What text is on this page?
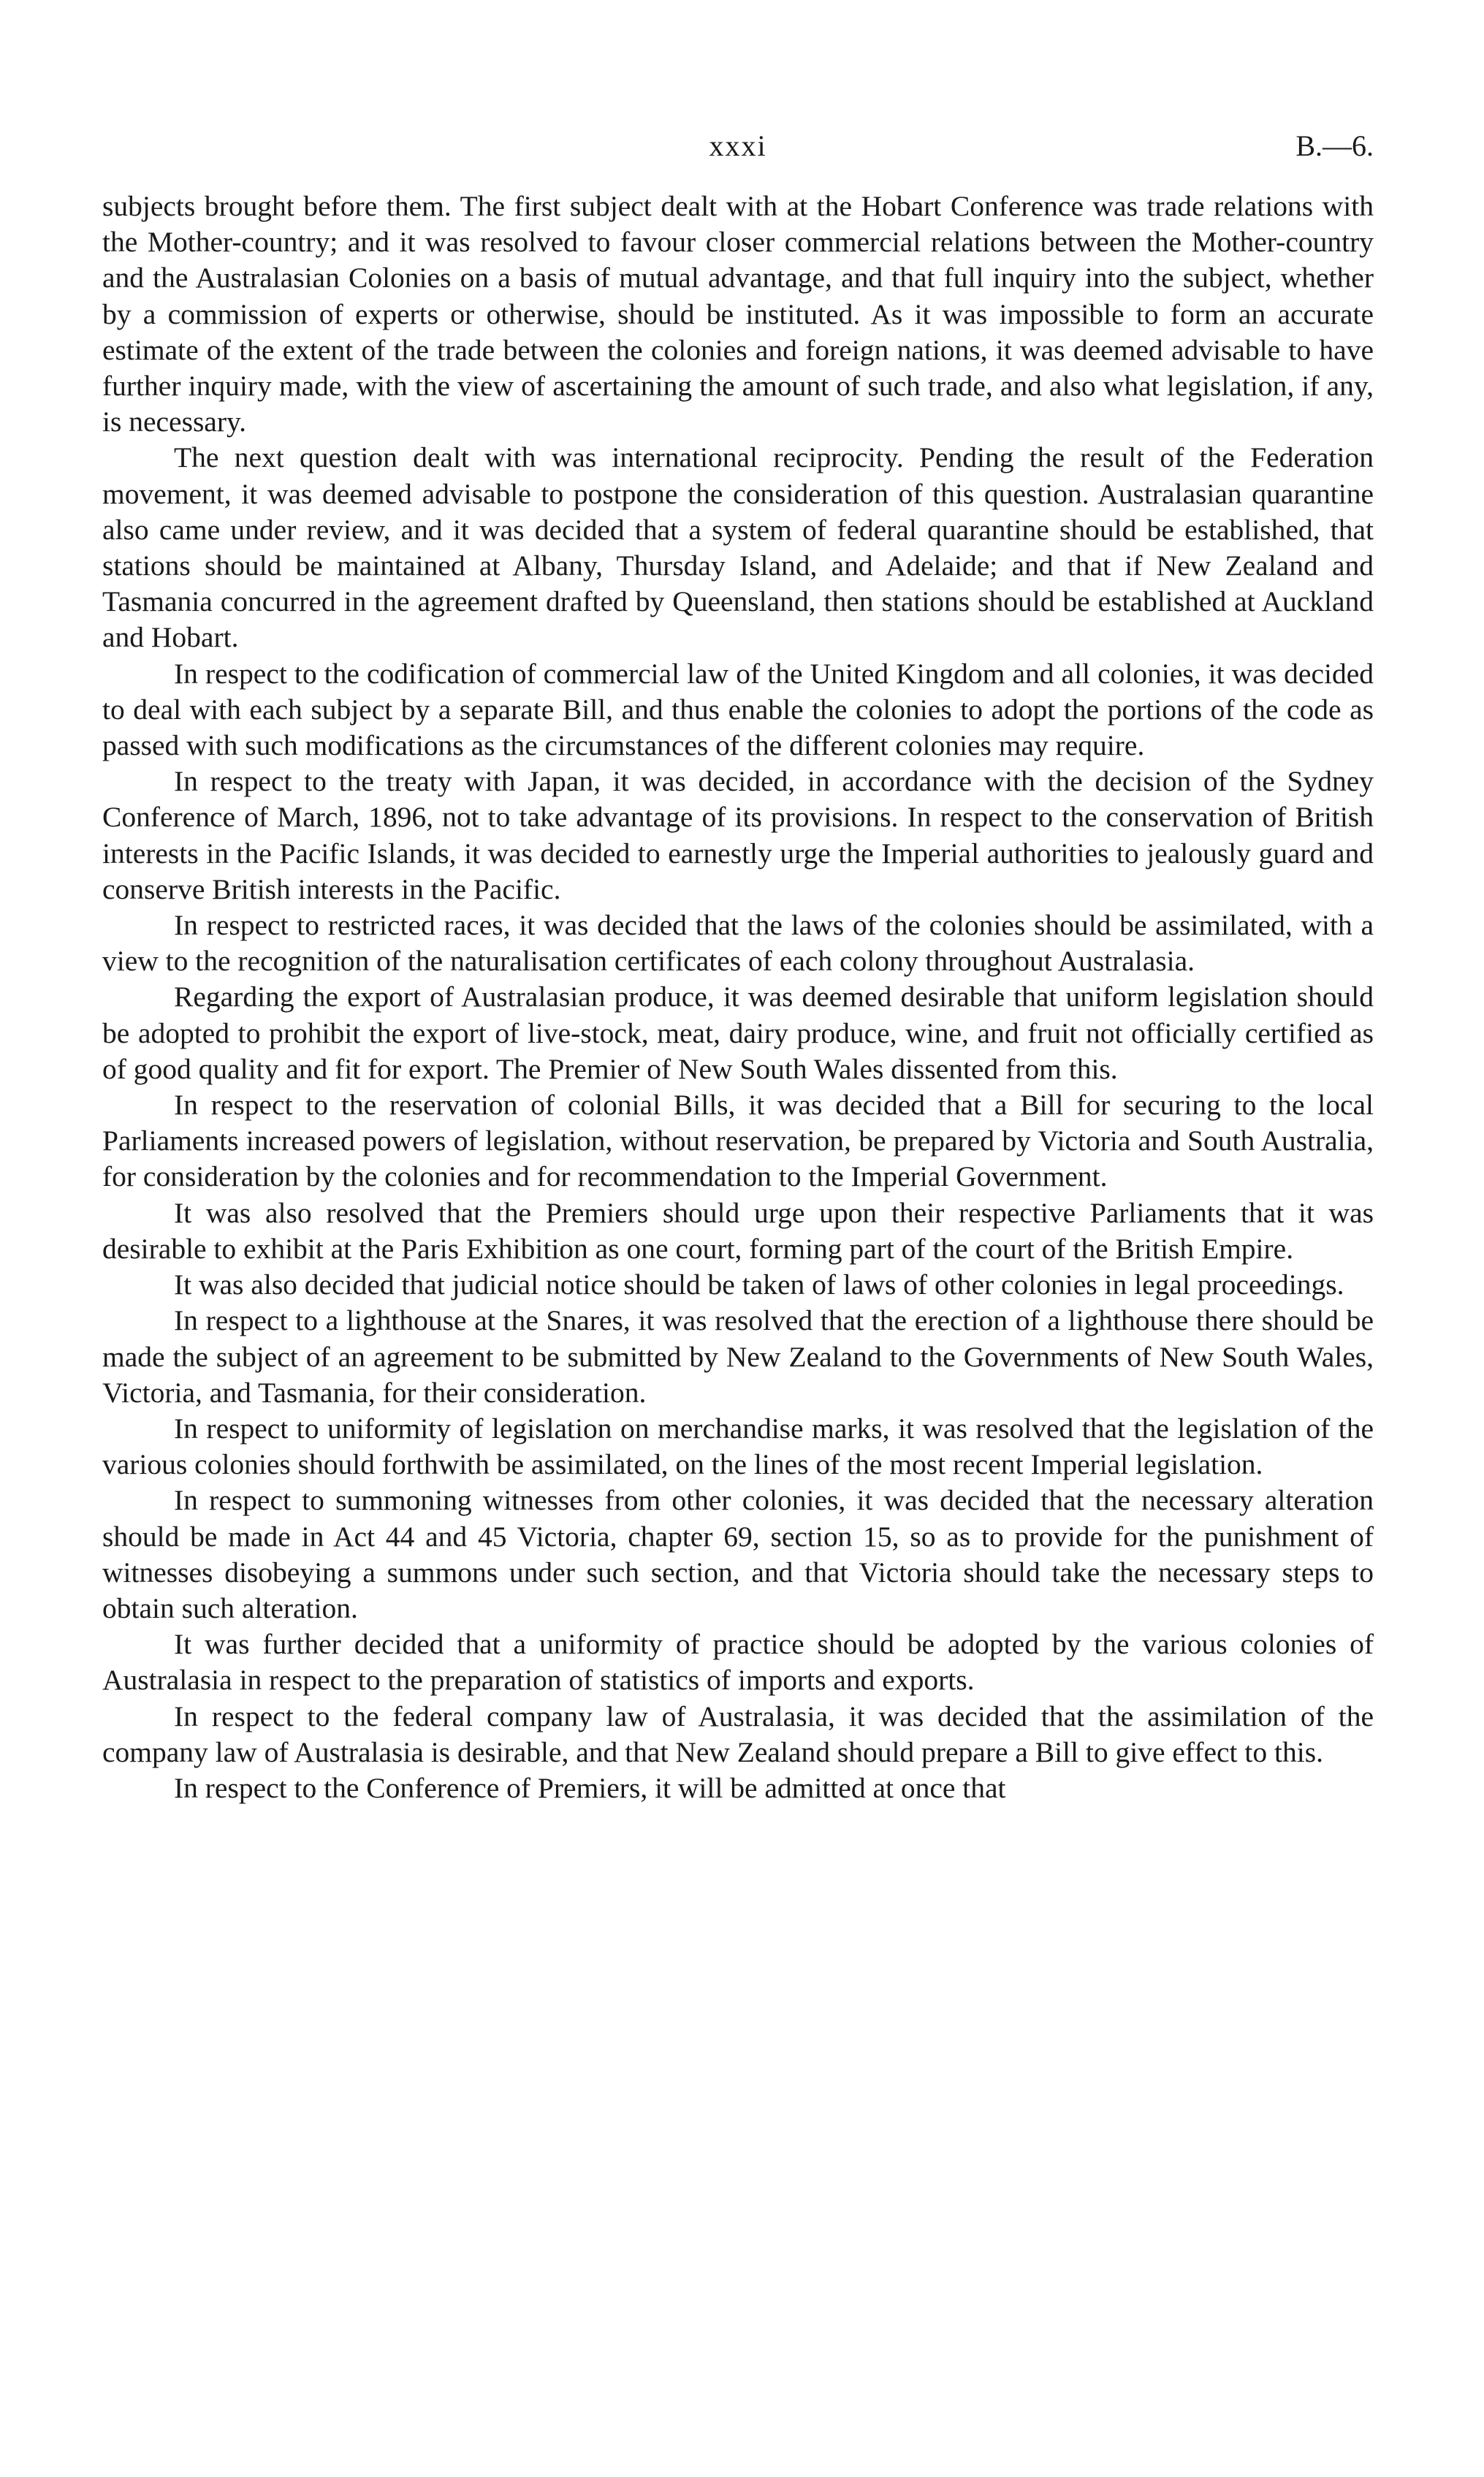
xxxi	B.—6.

subjects brought before them. The first subject dealt with at the Hobart Conference was trade relations with the Mother-country; and it was resolved to favour closer commercial relations between the Mother-country and the Australasian Colonies on a basis of mutual advantage, and that full inquiry into the subject, whether by a commission of experts or otherwise, should be instituted. As it was impossible to form an accurate estimate of the extent of the trade between the colonies and foreign nations, it was deemed advisable to have further inquiry made, with the view of ascertaining the amount of such trade, and also what legislation, if any, is necessary.

The next question dealt with was international reciprocity. Pending the result of the Federation movement, it was deemed advisable to postpone the consideration of this question. Australasian quarantine also came under review, and it was decided that a system of federal quarantine should be established, that stations should be maintained at Albany, Thursday Island, and Adelaide; and that if New Zealand and Tasmania concurred in the agreement drafted by Queensland, then stations should be established at Auckland and Hobart.

In respect to the codification of commercial law of the United Kingdom and all colonies, it was decided to deal with each subject by a separate Bill, and thus enable the colonies to adopt the portions of the code as passed with such modifications as the circumstances of the different colonies may require.

In respect to the treaty with Japan, it was decided, in accordance with the decision of the Sydney Conference of March, 1896, not to take advantage of its provisions. In respect to the conservation of British interests in the Pacific Islands, it was decided to earnestly urge the Imperial authorities to jealously guard and conserve British interests in the Pacific.

In respect to restricted races, it was decided that the laws of the colonies should be assimilated, with a view to the recognition of the naturalisation certificates of each colony throughout Australasia.

Regarding the export of Australasian produce, it was deemed desirable that uniform legislation should be adopted to prohibit the export of live-stock, meat, dairy produce, wine, and fruit not officially certified as of good quality and fit for export. The Premier of New South Wales dissented from this.

In respect to the reservation of colonial Bills, it was decided that a Bill for securing to the local Parliaments increased powers of legislation, without reservation, be prepared by Victoria and South Australia, for consideration by the colonies and for recommendation to the Imperial Government.

It was also resolved that the Premiers should urge upon their respective Parliaments that it was desirable to exhibit at the Paris Exhibition as one court, forming part of the court of the British Empire.

It was also decided that judicial notice should be taken of laws of other colonies in legal proceedings.

In respect to a lighthouse at the Snares, it was resolved that the erection of a lighthouse there should be made the subject of an agreement to be submitted by New Zealand to the Governments of New South Wales, Victoria, and Tasmania, for their consideration.

In respect to uniformity of legislation on merchandise marks, it was resolved that the legislation of the various colonies should forthwith be assimilated, on the lines of the most recent Imperial legislation.

In respect to summoning witnesses from other colonies, it was decided that the necessary alteration should be made in Act 44 and 45 Victoria, chapter 69, section 15, so as to provide for the punishment of witnesses disobeying a summons under such section, and that Victoria should take the necessary steps to obtain such alteration.

It was further decided that a uniformity of practice should be adopted by the various colonies of Australasia in respect to the preparation of statistics of imports and exports.

In respect to the federal company law of Australasia, it was decided that the assimilation of the company law of Australasia is desirable, and that New Zealand should prepare a Bill to give effect to this.

In respect to the Conference of Premiers, it will be admitted at once that
